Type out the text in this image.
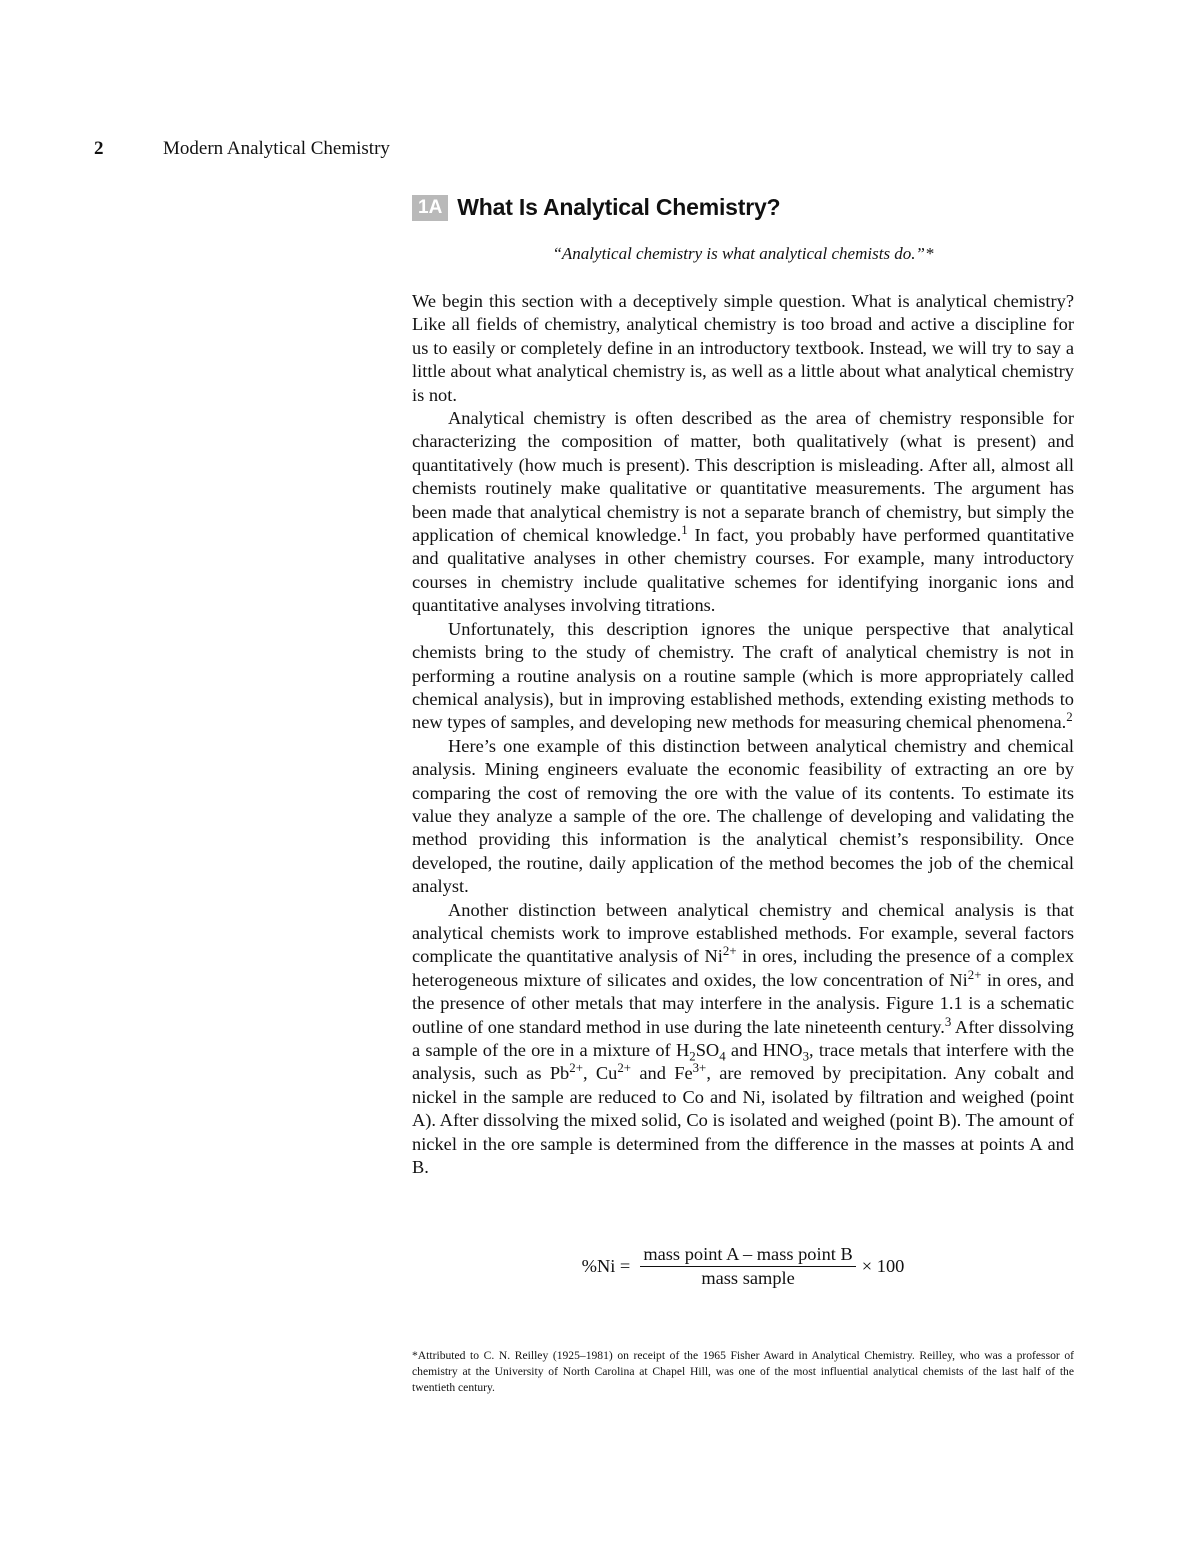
2	Modern Analytical Chemistry
1A What Is Analytical Chemistry?
“Analytical chemistry is what analytical chemists do.”*

We begin this section with a deceptively simple question. What is analytical chemistry? Like all fields of chemistry, analytical chemistry is too broad and active a discipline for us to easily or completely define in an introductory textbook. Instead, we will try to say a little about what analytical chemistry is, as well as a little about what analytical chemistry is not.

Analytical chemistry is often described as the area of chemistry responsible for characterizing the composition of matter, both qualitatively (what is present) and quantitatively (how much is present). This description is misleading. After all, almost all chemists routinely make qualitative or quantitative measurements. The argument has been made that analytical chemistry is not a separate branch of chemistry, but simply the application of chemical knowledge.$^1$ In fact, you probably have performed quantitative and qualitative analyses in other chemistry courses. For example, many introductory courses in chemistry include qualitative schemes for identifying inorganic ions and quantitative analyses involving titrations.

Unfortunately, this description ignores the unique perspective that analytical chemists bring to the study of chemistry. The craft of analytical chemistry is not in performing a routine analysis on a routine sample (which is more appropriately called chemical analysis), but in improving established methods, extending existing methods to new types of samples, and developing new methods for measuring chemical phenomena.$^2$

Here’s one example of this distinction between analytical chemistry and chemical analysis. Mining engineers evaluate the economic feasibility of extracting an ore by comparing the cost of removing the ore with the value of its contents. To estimate its value they analyze a sample of the ore. The challenge of developing and validating the method providing this information is the analytical chemist’s responsibility. Once developed, the routine, daily application of the method becomes the job of the chemical analyst.

Another distinction between analytical chemistry and chemical analysis is that analytical chemists work to improve established methods. For example, several factors complicate the quantitative analysis of $Ni^{2+}$ in ores, including the presence of a complex heterogeneous mixture of silicates and oxides, the low concentration of $Ni^{2+}$ in ores, and the presence of other metals that may interfere in the analysis. Figure 1.1 is a schematic outline of one standard method in use during the late nineteenth century.$^3$ After dissolving a sample of the ore in a mixture of $H_2SO_4$ and $HNO_3$, trace metals that interfere with the analysis, such as $Pb^{2+}$, $Cu^{2+}$ and $Fe^{3+}$, are removed by precipitation. Any cobalt and nickel in the sample are reduced to Co and Ni, isolated by filtration and weighed (point A). After dissolving the mixed solid, Co is isolated and weighed (point B). The amount of nickel in the ore sample is determined from the difference in the masses at points A and B.

$\%Ni = \frac{\text{mass point A – mass point B}}{\text{mass sample}} \times 100$
*Attributed to C. N. Reilley (1925–1981) on receipt of the 1965 Fisher Award in Analytical Chemistry. Reilley, who was a professor of chemistry at the University of North Carolina at Chapel Hill, was one of the most influential analytical chemists of the last half of the twentieth century.
